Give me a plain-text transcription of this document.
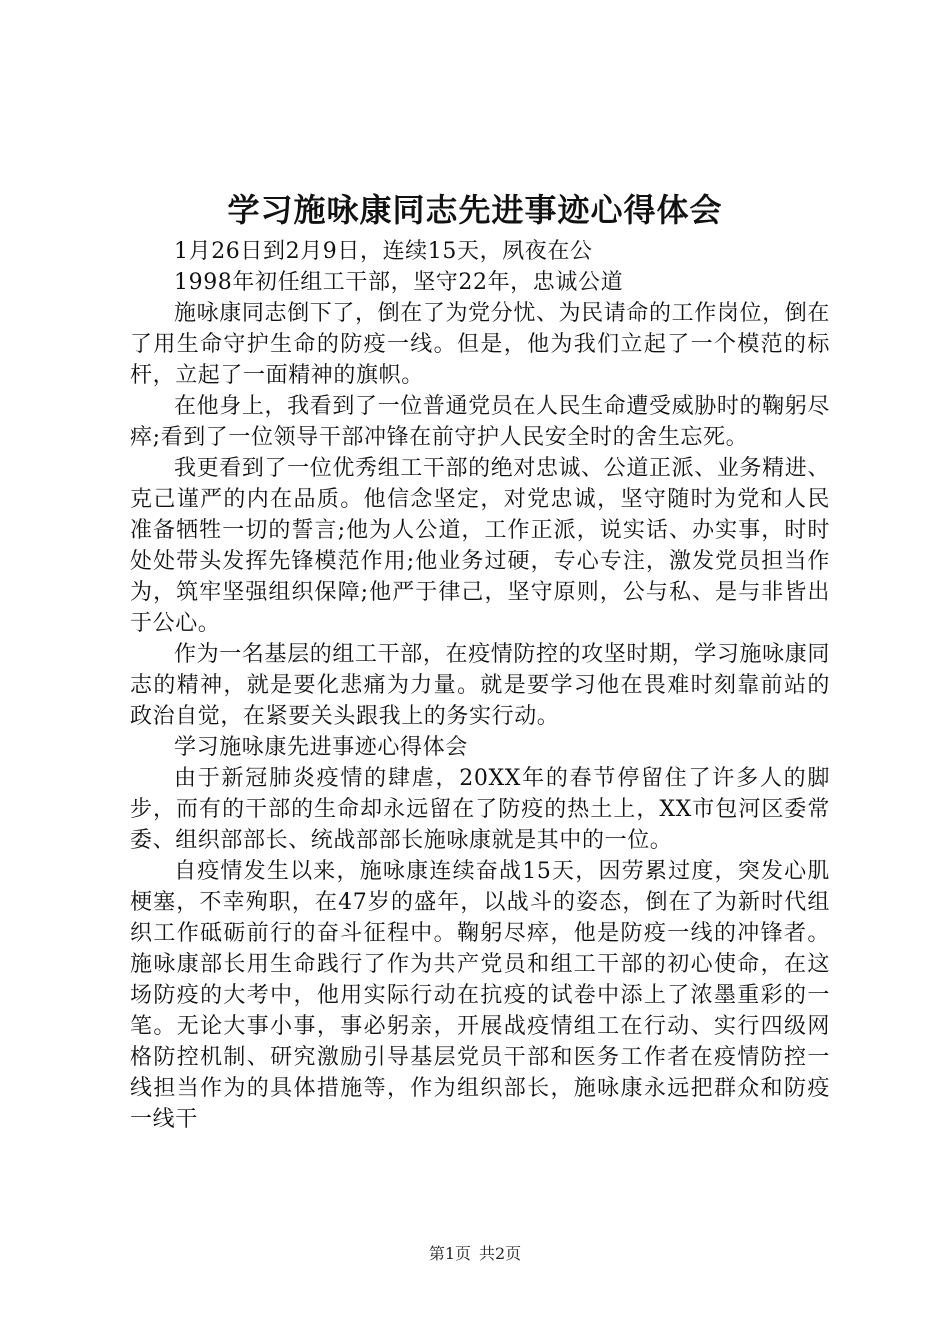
学习施咏康同志先进事迹心得体会

1月26日到2月9日，连续15天，夙夜在公

1998年初任组工干部，坚守22年，忠诚公道

施咏康同志倒下了，倒在了为党分忧、为民请命的工作岗位，倒在了用生命守护生命的防疫一线。但是，他为我们立起了一个模范的标杆，立起了一面精神的旗帜。

在他身上，我看到了一位普通党员在人民生命遭受威胁时的鞠躬尽瘁;看到了一位领导干部冲锋在前守护人民安全时的舍生忘死。

我更看到了一位优秀组工干部的绝对忠诚、公道正派、业务精进、克己谨严的内在品质。他信念坚定，对党忠诚，坚守随时为党和人民准备牺牲一切的誓言;他为人公道，工作正派，说实话、办实事，时时处处带头发挥先锋模范作用;他业务过硬，专心专注，激发党员担当作为，筑牢坚强组织保障;他严于律己，坚守原则，公与私、是与非皆出于公心。

作为一名基层的组工干部，在疫情防控的攻坚时期，学习施咏康同志的精神，就是要化悲痛为力量。就是要学习他在畏难时刻靠前站的政治自觉，在紧要关头跟我上的务实行动。

学习施咏康先进事迹心得体会

由于新冠肺炎疫情的肆虐，20XX年的春节停留住了许多人的脚步，而有的干部的生命却永远留在了防疫的热土上，XX市包河区委常委、组织部部长、统战部部长施咏康就是其中的一位。

自疫情发生以来，施咏康连续奋战15天，因劳累过度，突发心肌梗塞，不幸殉职，在47岁的盛年，以战斗的姿态，倒在了为新时代组织工作砥砺前行的奋斗征程中。鞠躬尽瘁，他是防疫一线的冲锋者。施咏康部长用生命践行了作为共产党员和组工干部的初心使命，在这场防疫的大考中，他用实际行动在抗疫的试卷中添上了浓墨重彩的一笔。无论大事小事，事必躬亲，开展战疫情组工在行动、实行四级网格防控机制、研究激励引导基层党员干部和医务工作者在疫情防控一线担当作为的具体措施等，作为组织部长，施咏康永远把群众和防疫一线干

第1页 共2页
